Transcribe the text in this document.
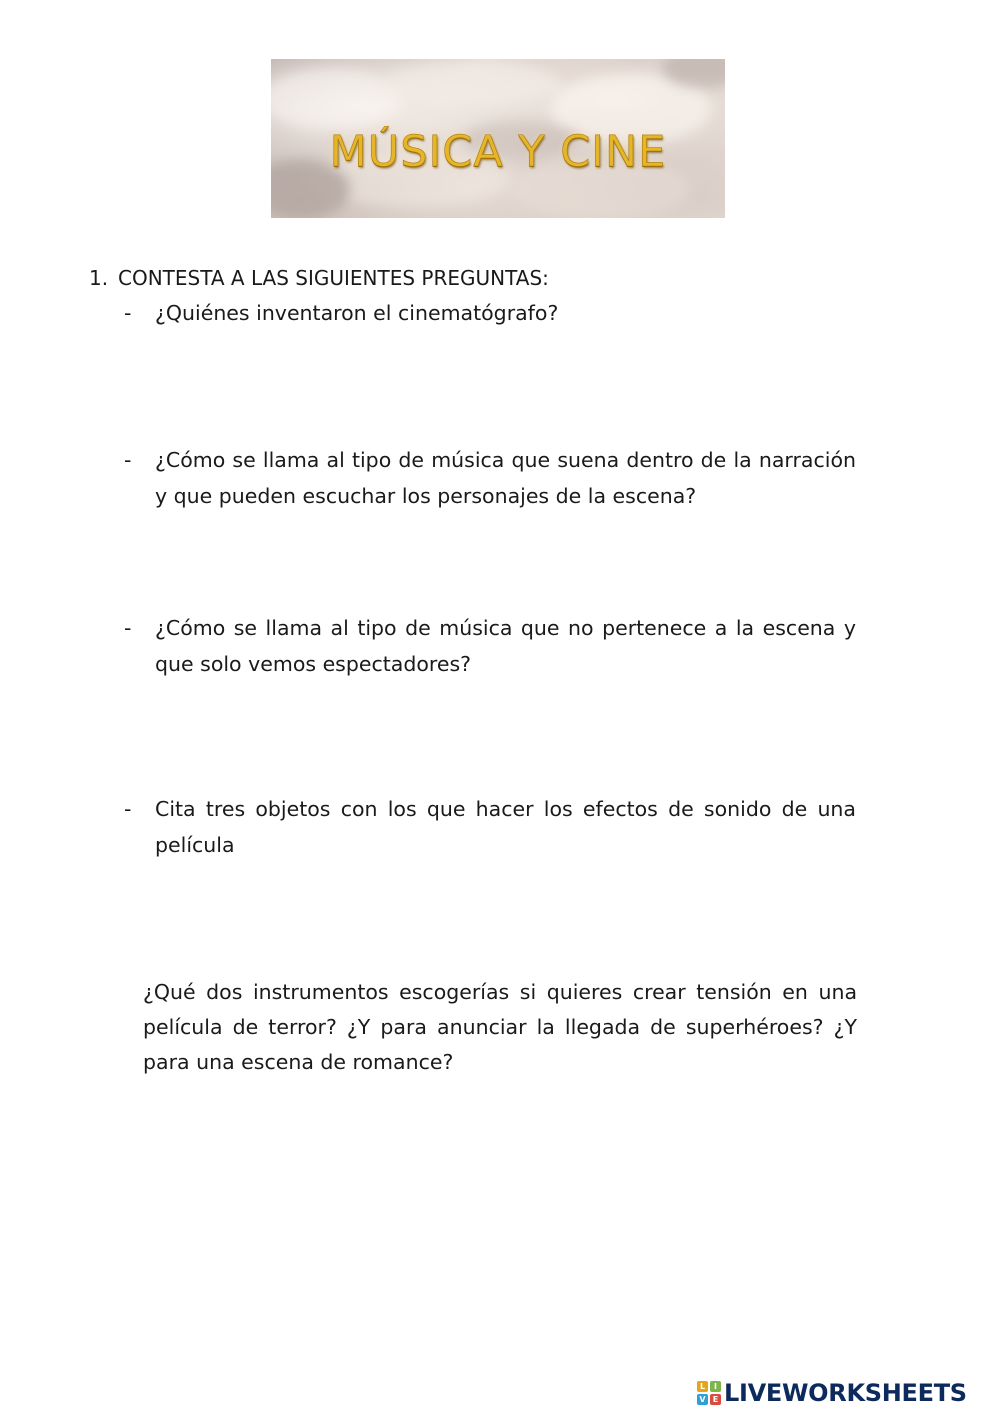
MÚSICA Y CINE
1. CONTESTA A LAS SIGUIENTES PREGUNTAS:
- ¿Quiénes inventaron el cinematógrafo?
- ¿Cómo se llama al tipo de música que suena dentro de la narración y que pueden escuchar los personajes de la escena?
- ¿Cómo se llama al tipo de música que no pertenece a la escena y que solo vemos espectadores?
- Cita tres objetos con los que hacer los efectos de sonido de una película
¿Qué dos instrumentos escogerías si quieres crear tensión en una película de terror? ¿Y para anunciar la llegada de superhéroes? ¿Y para una escena de romance?
L	I
V E LIVEWORKSHEETS
